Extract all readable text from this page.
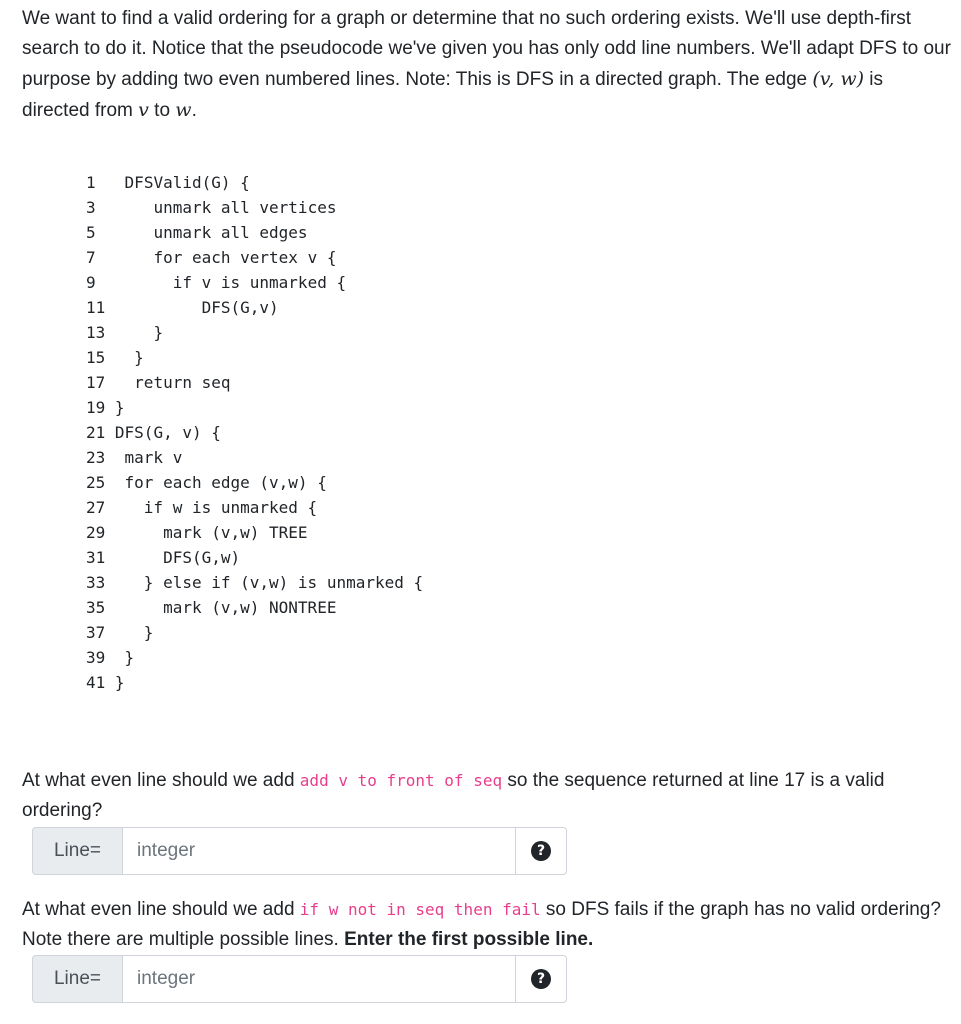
We want to find a valid ordering for a graph or determine that no such ordering exists. We'll use depth-first search to do it. Notice that the pseudocode we've given you has only odd line numbers. We'll adapt DFS to our purpose by adding two even numbered lines. Note: This is DFS in a directed graph. The edge (v, w) is directed from v to w.

1 DFSValid(G) {
3	unmark all vertices
5	unmark all edges
7	for each vertex v {
9	if v is unmarked {
11	DFS(G,v)
13	}
15 }
17 return seq
19 }
21 DFS(G, v) {
23 mark v
25 for each edge (v,w) {
27 if w is unmarked {
29	mark (v,w) TREE
31	DFS(G,w)
33 } else if (v,w) is unmarked {
35	mark (v,w) NONTREE
37 }
39 }
41 }

At what even line should we add add v to front of seq so the sequence returned at line 17 is a valid ordering?

Line=
integer	?

At what even line should we add if w not in seq then fail so DFS fails if the graph has no valid ordering? Note there are multiple possible lines. Enter the first possible line.

Line=
integer	?
